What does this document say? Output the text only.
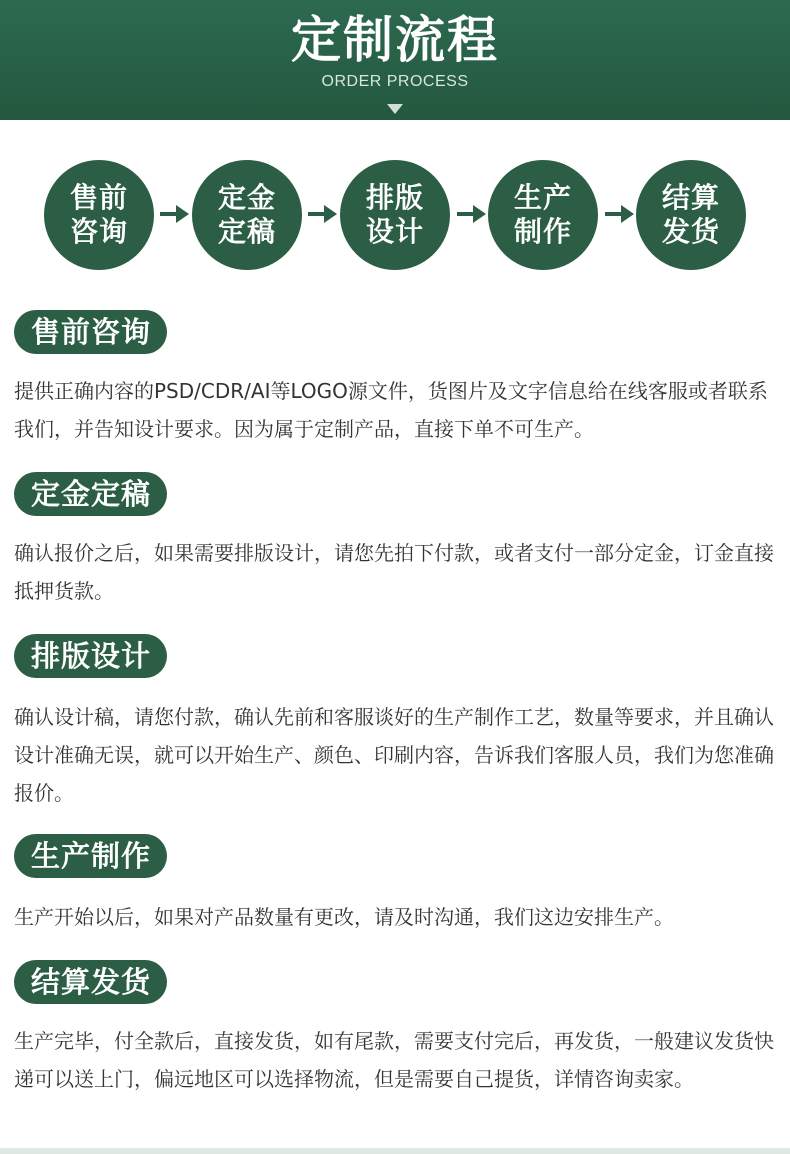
定制流程
ORDER PROCESS
售前咨询
定金定稿
排版设计
生产制作
结算发货
售前咨询
提供正确内容的PSD/CDR/AI等LOGO源文件，货图片及文字信息给在线客服或者联系我们，并告知设计要求。因为属于定制产品，直接下单不可生产。
定金定稿
确认报价之后，如果需要排版设计，请您先拍下付款，或者支付一部分定金，订金直接抵押货款。
排版设计
确认设计稿，请您付款，确认先前和客服谈好的生产制作工艺，数量等要求，并且确认设计准确无误，就可以开始生产、颜色、印刷内容，告诉我们客服人员，我们为您准确报价。
生产制作
生产开始以后，如果对产品数量有更改，请及时沟通，我们这边安排生产。
结算发货
生产完毕，付全款后，直接发货，如有尾款，需要支付完后，再发货，一般建议发货快递可以送上门，偏远地区可以选择物流，但是需要自己提货，详情咨询卖家。
